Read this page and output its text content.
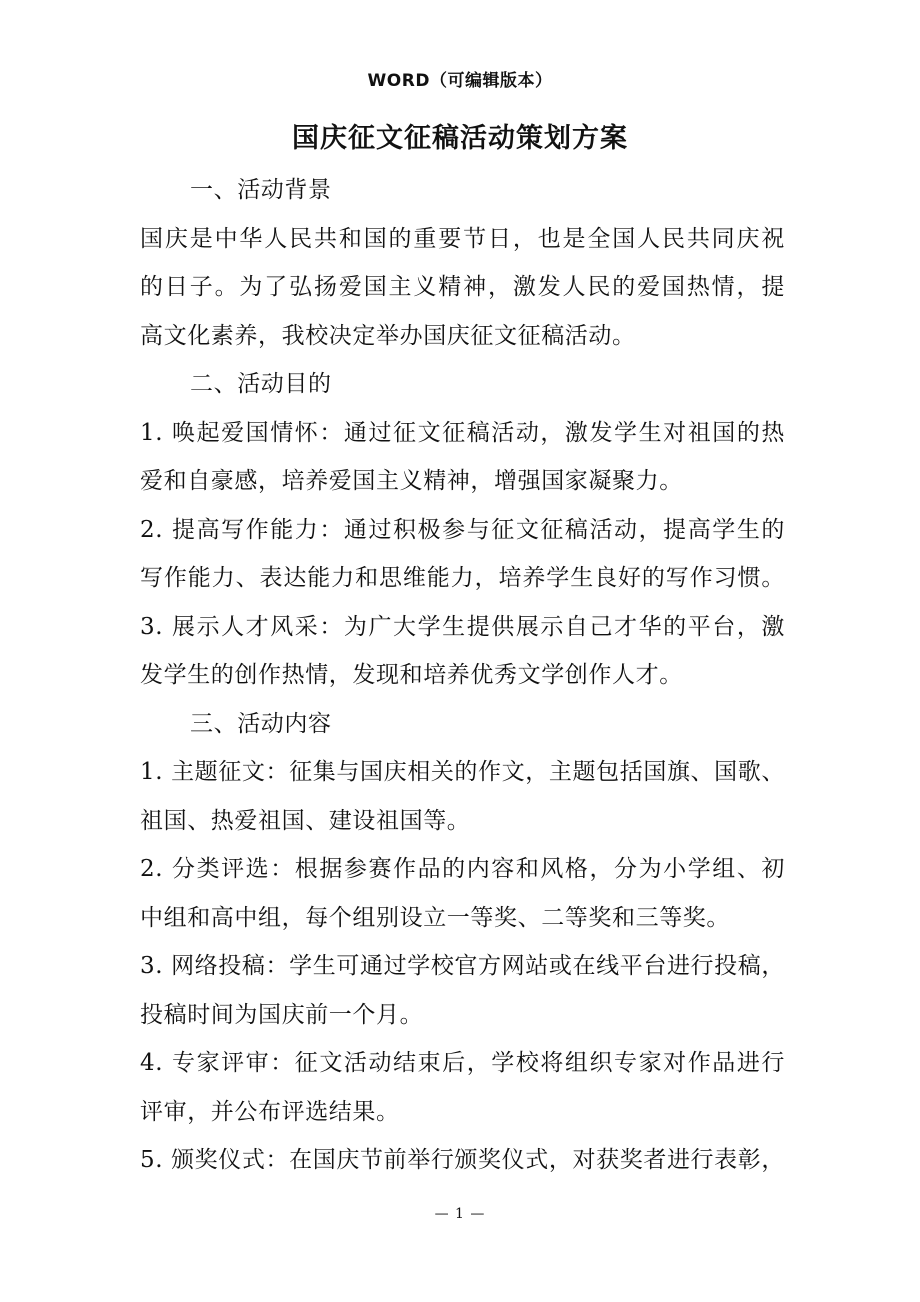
WORD（可编辑版本）
国庆征文征稿活动策划方案
一、活动背景
国庆是中华人民共和国的重要节日，也是全国人民共同庆祝
的日子。为了弘扬爱国主义精神，激发人民的爱国热情，提
高文化素养，我校决定举办国庆征文征稿活动。
二、活动目的
1. 唤起爱国情怀：通过征文征稿活动，激发学生对祖国的热
爱和自豪感，培养爱国主义精神，增强国家凝聚力。
2. 提高写作能力：通过积极参与征文征稿活动，提高学生的
写作能力、表达能力和思维能力，培养学生良好的写作习惯。
3. 展示人才风采：为广大学生提供展示自己才华的平台，激
发学生的创作热情，发现和培养优秀文学创作人才。
三、活动内容
1. 主题征文：征集与国庆相关的作文，主题包括国旗、国歌、
祖国、热爱祖国、建设祖国等。
2. 分类评选：根据参赛作品的内容和风格，分为小学组、初
中组和高中组，每个组别设立一等奖、二等奖和三等奖。
3. 网络投稿：学生可通过学校官方网站或在线平台进行投稿，
投稿时间为国庆前一个月。
4. 专家评审：征文活动结束后，学校将组织专家对作品进行
评审，并公布评选结果。
5. 颁奖仪式：在国庆节前举行颁奖仪式，对获奖者进行表彰，
— 1 —
